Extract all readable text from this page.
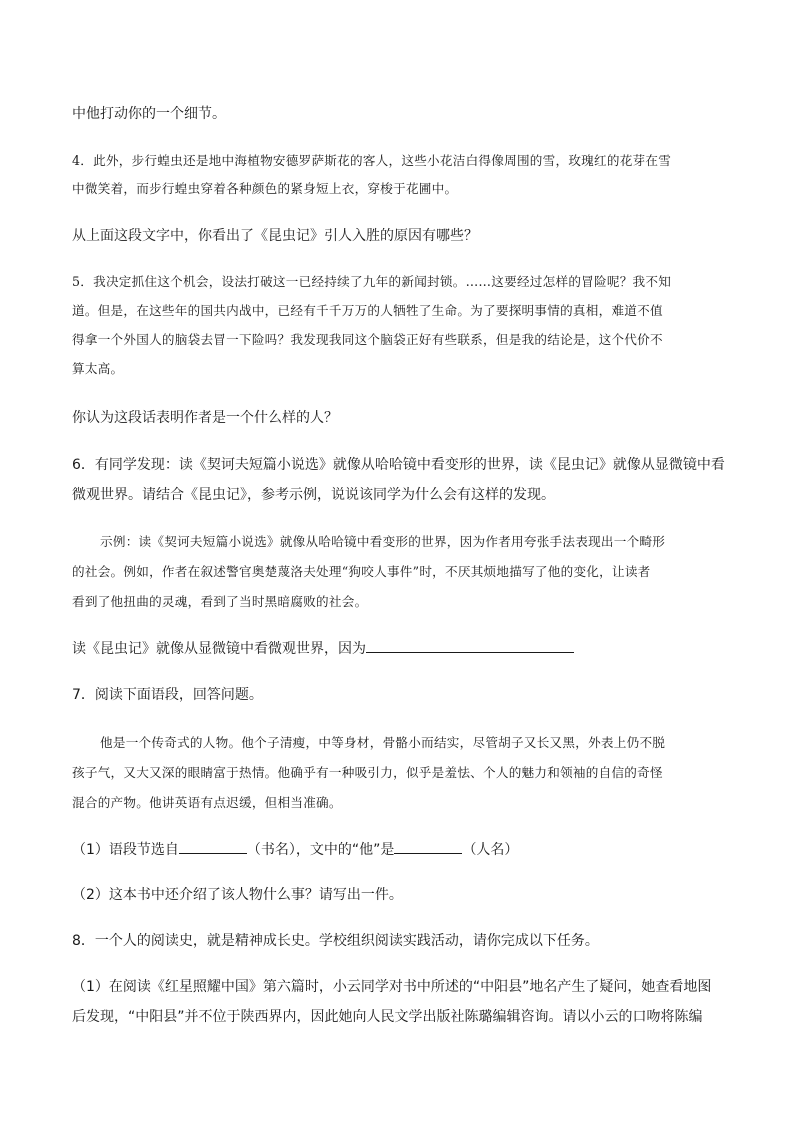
中他打动你的一个细节。

4．此外，步行蝗虫还是地中海植物安德罗萨斯花的客人，这些小花洁白得像周围的雪，玫瑰红的花芽在雪

中微笑着，而步行蝗虫穿着各种颜色的紧身短上衣，穿梭于花圃中。

从上面这段文字中，你看出了《昆虫记》引人入胜的原因有哪些？

5．我决定抓住这个机会，设法打破这一已经持续了九年的新闻封锁。……这要经过怎样的冒险呢？我不知

道。但是，在这些年的国共内战中，已经有千千万万的人牺牲了生命。为了要探明事情的真相，难道不值

得拿一个外国人的脑袋去冒一下险吗？我发现我同这个脑袋正好有些联系，但是我的结论是，这个代价不

算太高。

你认为这段话表明作者是一个什么样的人？

6．有同学发现：读《契诃夫短篇小说选》就像从哈哈镜中看变形的世界，读《昆虫记》就像从显微镜中看

微观世界。请结合《昆虫记》，参考示例，说说该同学为什么会有这样的发现。

示例：读《契诃夫短篇小说选》就像从哈哈镜中看变形的世界，因为作者用夸张手法表现出一个畸形

的社会。例如，作者在叙述警官奥楚蔑洛夫处理“狗咬人事件”时，不厌其烦地描写了他的变化，让读者

看到了他扭曲的灵魂，看到了当时黑暗腐败的社会。

读《昆虫记》就像从显微镜中看微观世界，因为

7．阅读下面语段，回答问题。

他是一个传奇式的人物。他个子清瘦，中等身材，骨骼小而结实，尽管胡子又长又黑，外表上仍不脱

孩子气，又大又深的眼睛富于热情。他确乎有一种吸引力，似乎是羞怯、个人的魅力和领袖的自信的奇怪

混合的产物。他讲英语有点迟缓，但相当准确。

（1）语段节选自	（书名），文中的“他”是	（人名）

（2）这本书中还介绍了该人物什么事？请写出一件。

8．一个人的阅读史，就是精神成长史。学校组织阅读实践活动，请你完成以下任务。

（1）在阅读《红星照耀中国》第六篇时，小云同学对书中所述的“中阳县”地名产生了疑问，她查看地图

后发现，“中阳县”并不位于陕西界内，因此她向人民文学出版社陈璐编辑咨询。请以小云的口吻将陈编
